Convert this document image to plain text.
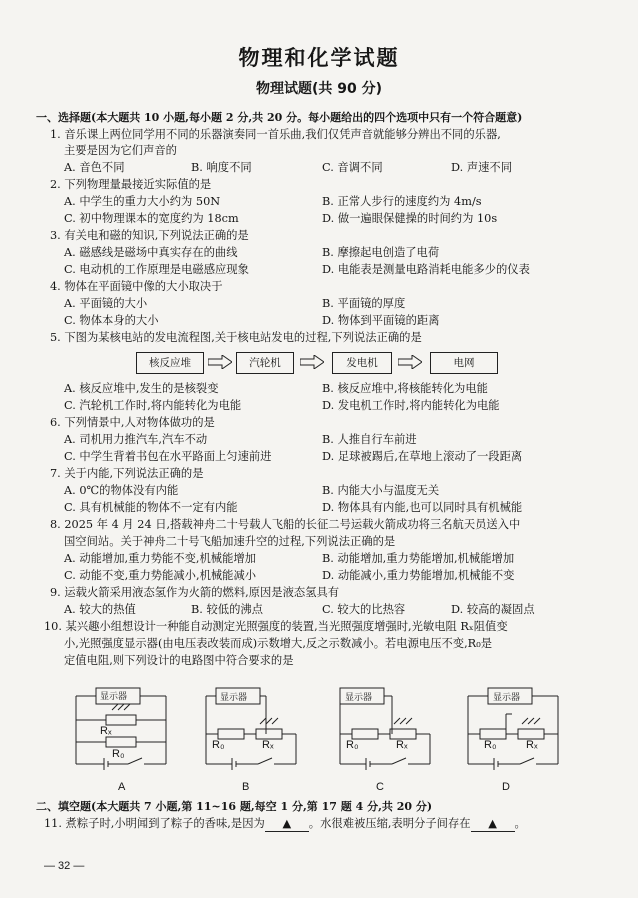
物理和化学试题
物理试题(共 90 分)
一、选择题(本大题共 10 小题,每小题 2 分,共 20 分。每小题给出的四个选项中只有一个符合题意)
1. 音乐课上两位同学用不同的乐器演奏同一首乐曲,我们仅凭声音就能够分辨出不同的乐器,
主要是因为它们声音的
A. 音色不同	B. 响度不同	C. 音调不同	D. 声速不同
2. 下列物理量最接近实际值的是
A. 中学生的重力大小约为 50N	B. 正常人步行的速度约为 4m/s
C. 初中物理课本的宽度约为 18cm	D. 做一遍眼保健操的时间约为 10s
3. 有关电和磁的知识,下列说法正确的是
A. 磁感线是磁场中真实存在的曲线	B. 摩擦起电创造了电荷
C. 电动机的工作原理是电磁感应现象	D. 电能表是测量电路消耗电能多少的仪表
4. 物体在平面镜中像的大小取决于
A. 平面镜的大小	B. 平面镜的厚度
C. 物体本身的大小	D. 物体到平面镜的距离
5. 下图为某核电站的发电流程图,关于核电站发电的过程,下列说法正确的是
核反应堆	汽轮机	发电机	电网
A. 核反应堆中,发生的是核裂变	B. 核反应堆中,将核能转化为电能
C. 汽轮机工作时,将内能转化为电能	D. 发电机工作时,将内能转化为电能
6. 下列情景中,人对物体做功的是
A. 司机用力推汽车,汽车不动	B. 人推自行车前进
C. 中学生背着书包在水平路面上匀速前进	D. 足球被踢后,在草地上滚动了一段距离
7. 关于内能,下列说法正确的是
A. 0℃的物体没有内能	B. 内能大小与温度无关
C. 具有机械能的物体不一定有内能	D. 物体具有内能,也可以同时具有机械能
8. 2025 年 4 月 24 日,搭载神舟二十号载人飞船的长征二号运载火箭成功将三名航天员送入中
国空间站。关于神舟二十号飞船加速升空的过程,下列说法正确的是
A. 动能增加,重力势能不变,机械能增加	B. 动能增加,重力势能增加,机械能增加
C. 动能不变,重力势能减小,机械能减小	D. 动能减小,重力势能增加,机械能不变
9. 运载火箭采用液态氢作为火箭的燃料,原因是液态氢具有
A. 较大的热值	B. 较低的沸点	C. 较大的比热容	D. 较高的凝固点
10. 某兴趣小组想设计一种能自动测定光照强度的装置,当光照强度增强时,光敏电阻 Rₓ阻值变
小,光照强度显示器(由电压表改装而成)示数增大,反之示数减小。若电源电压不变,R₀是
定值电阻,则下列设计的电路图中符合要求的是
显示器
Rₓ
R₀
A
显示器
R₀	Rₓ
B
显示器
R₀	Rₓ
C
显示器
R₀	Rₓ
D
二、填空题(本大题共 7 小题,第 11~16 题,每空 1 分,第 17 题 4 分,共 20 分)
11. 煮粽子时,小明闻到了粽子的香味,是因为 ▲ 。水很难被压缩,表明分子间存在 ▲ 。
— 32 —
